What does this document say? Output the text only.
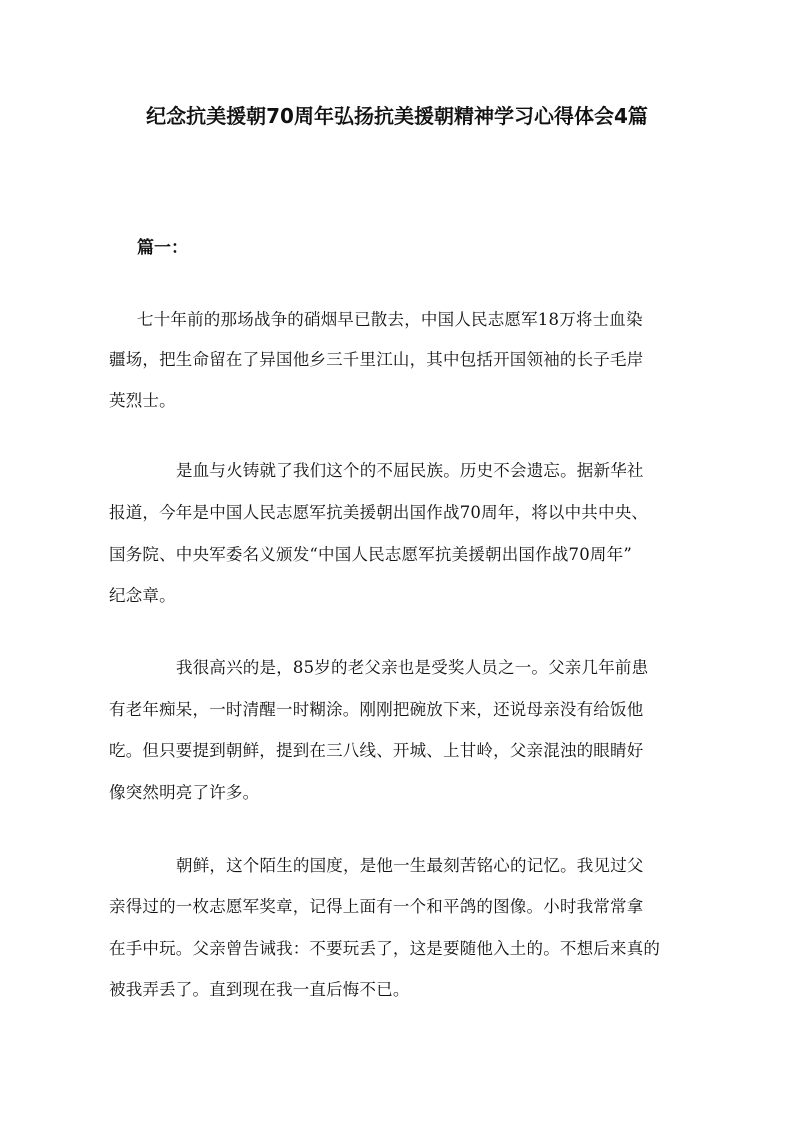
纪念抗美援朝70周年弘扬抗美援朝精神学习心得体会4篇
篇一：
七十年前的那场战争的硝烟早已散去，中国人民志愿军18万将士血染
疆场，把生命留在了异国他乡三千里江山，其中包括开国领袖的长子毛岸
英烈士。
是血与火铸就了我们这个的不屈民族。历史不会遗忘。据新华社
报道，今年是中国人民志愿军抗美援朝出国作战70周年，将以中共中央、
国务院、中央军委名义颁发“中国人民志愿军抗美援朝出国作战70周年”
纪念章。
我很高兴的是，85岁的老父亲也是受奖人员之一。父亲几年前患
有老年痴呆，一时清醒一时糊涂。刚刚把碗放下来，还说母亲没有给饭他
吃。但只要提到朝鲜，提到在三八线、开城、上甘岭，父亲混浊的眼睛好
像突然明亮了许多。
朝鲜，这个陌生的国度，是他一生最刻苦铭心的记忆。我见过父
亲得过的一枚志愿军奖章，记得上面有一个和平鸽的图像。小时我常常拿
在手中玩。父亲曾告诫我：不要玩丢了，这是要随他入土的。不想后来真的
被我弄丢了。直到现在我一直后悔不已。
